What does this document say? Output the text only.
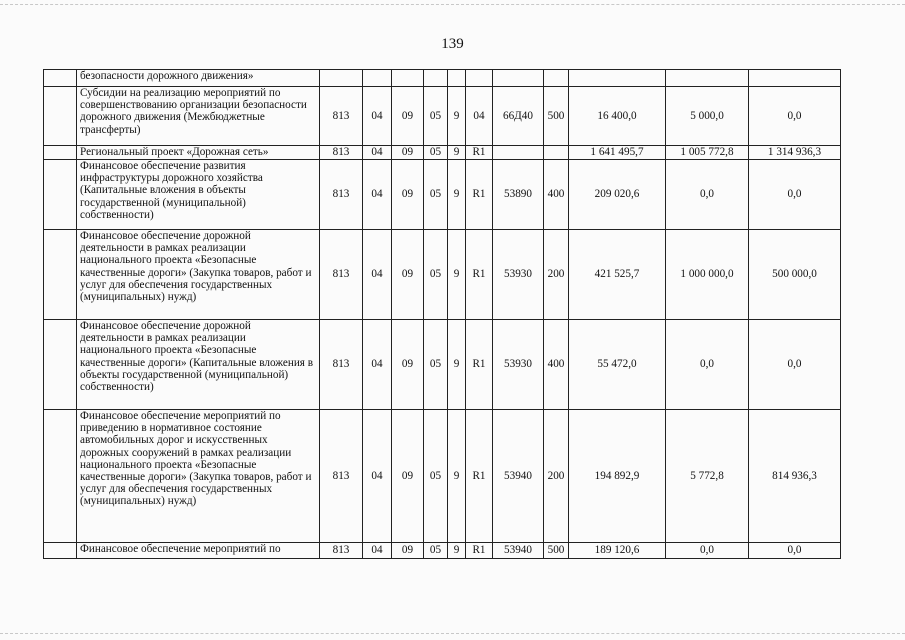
139
	безопасности дорожного движения»											
	Субсидии на реализацию мероприятий по совершенствованию организации безопасности дорожного движения (Межбюджетные трансферты)	813	04	09	05	9	04	66Д40	500	16 400,0	5 000,0	0,0
	Региональный проект «Дорожная сеть»	813	04	09	05	9	R1			1 641 495,7	1 005 772,8	1 314 936,3
	Финансовое обеспечение развития инфраструктуры дорожного хозяйства (Капитальные вложения в объекты государственной (муниципальной) собственности)	813	04	09	05	9	R1	53890	400	209 020,6	0,0	0,0
	Финансовое обеспечение дорожной деятельности в рамках реализации национального проекта «Безопасные качественные дороги» (Закупка товаров, работ и услуг для обеспечения государственных (муниципальных) нужд)	813	04	09	05	9	R1	53930	200	421 525,7	1 000 000,0	500 000,0
	Финансовое обеспечение дорожной деятельности в рамках реализации национального проекта «Безопасные качественные дороги» (Капитальные вложения в объекты государственной (муниципальной) собственности)	813	04	09	05	9	R1	53930	400	55 472,0	0,0	0,0
	Финансовое обеспечение мероприятий по приведению в нормативное состояние автомобильных дорог и искусственных дорожных сооружений в рамках реализации национального проекта «Безопасные качественные дороги» (Закупка товаров, работ и услуг для обеспечения государственных (муниципальных) нужд)	813	04	09	05	9	R1	53940	200	194 892,9	5 772,8	814 936,3
	Финансовое обеспечение мероприятий по	813	04	09	05	9	R1	53940	500	189 120,6	0,0	0,0
